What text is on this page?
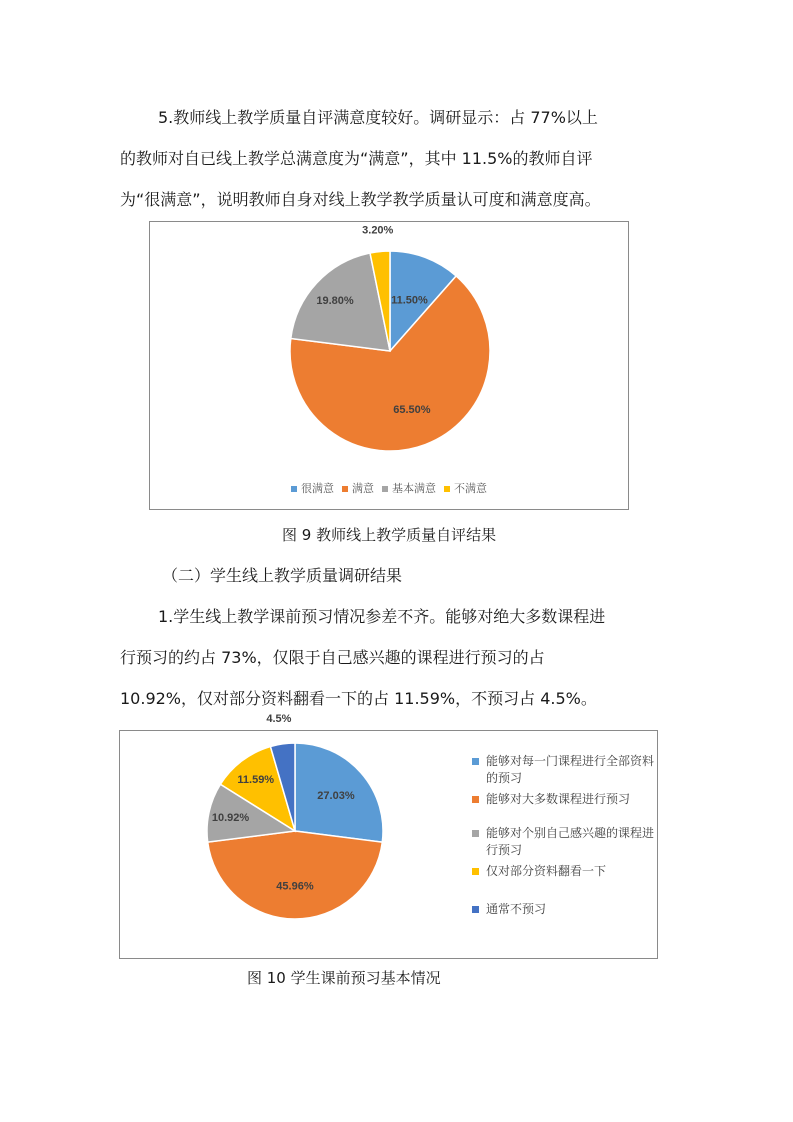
5.教师线上教学质量自评满意度较好。调研显示：占 77%以上
的教师对自已线上教学总满意度为“满意”，其中 11.5%的教师自评
为“很满意”，说明教师自身对线上教学教学质量认可度和满意度高。
11.50%
65.50%
19.80%
3.20%
很满意 满意 基本满意 不满意
图 9 教师线上教学质量自评结果
（二）学生线上教学质量调研结果
1.学生线上教学课前预习情况参差不齐。能够对绝大多数课程进
行预习的约占 73%，仅限于自己感兴趣的课程进行预习的占
10.92%，仅对部分资料翻看一下的占 11.59%，不预习占 4.5%。
27.03%
45.96%
10.92%
11.59%
4.5%
能够对每一门课程进行全部资料的预习
能够对大多数课程进行预习
能够对个别自己感兴趣的课程进行预习
仅对部分资料翻看一下
通常不预习
图 10 学生课前预习基本情况
